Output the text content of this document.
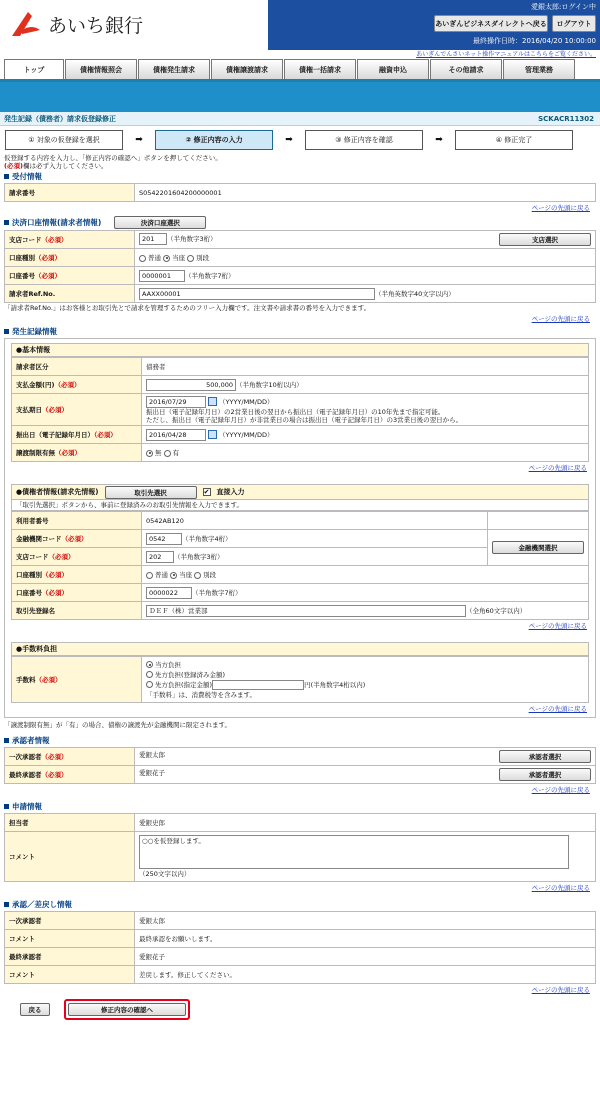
あいち銀行
愛銀太郎:ログイン中
あいぎんビジネスダイレクトへ戻る	ログアウト
最終操作日時：2016/04/20 10:00:00
あいぎんでんさいネット操作マニュアルはこちらをご覧ください。
トップ	債権情報照会	債権発生請求	債権譲渡請求	債権一括請求	融資申込	その他請求	管理業務
発生記録（債務者）請求仮登録修正	SCKACR11302
① 対象の仮登録を選択	➡	② 修正内容の入力	➡	③ 修正内容を確認	➡	④ 修正完了
仮登録する内容を入力し、「修正内容の確認へ」ボタンを押してください。
(必須)欄は必ず入力してください。
受付情報
請求番号	S0542201604200000001
ページの先頭に戻る
決済口座情報(請求者情報)	決済口座選択
支店コード（必須）	201 （半角数字3桁） 支店選択

口座種別（必須）	普通 当座 別段
口座番号（必須）	0000001 （半角数字7桁）
請求者Ref.No.	AAXX00001 （半角英数字40文字以内）
「請求者Ref.No.」はお客様とお取引先とで請求を管理するためのフリー入力欄です。注文書や請求書の番号を入力できます。
ページの先頭に戻る
発生記録情報
●基本情報
請求者区分	債務者
支払金額(円)（必須）	500,000 （半角数字10桁以内）
支払期日（必須）	2016/07/29 （YYYY/MM/DD）
振出日（電子記録年月日）の2営業日後の翌日から振出日（電子記録年月日）の10年先まで指定可能。
ただし、振出日（電子記録年月日）が非営業日の場合は振出日（電子記録年月日）の3営業日後の翌日から。
振出日（電子記録年月日）（必須）	2016/04/28 （YYYY/MM/DD）
譲渡制限有無（必須）	無 有
ページの先頭に戻る
●債権者情報(請求先情報)	取引先選択	✔ 直接入力
「取引先選択」ボタンから、事前に登録済みのお取引先情報を入力できます。
利用者番号	0542AB120	
金融機関コード（必須）	0542 （半角数字4桁）	金融機関選択
支店コード（必須）	202 （半角数字3桁）	
口座種別（必須）	普通 当座 別段	
口座番号（必須）	0000022 （半角数字7桁）	
取引先登録名	ＤＥＦ（株）営業部 （全角60文字以内）	
ページの先頭に戻る
●手数料負担
手数料（必須）	当方負担
先方負担(登録済み金額)
先方負担(指定金額)	円(半角数字4桁以内)
「手数料」は、消費税等を含みます。
ページの先頭に戻る
「譲渡制限有無」が「有」の場合、債権の譲渡先が金融機関に限定されます。
承認者情報
一次承認者（必須）	愛銀太郎 承認者選択

最終承認者（必須）	愛銀花子 承認者選択
ページの先頭に戻る
申請情報
担当者	愛銀史郎
コメント	○○を仮登録します。
（250文字以内）
ページの先頭に戻る
承認／差戻し情報
一次承認者	愛銀太郎
コメント	最終承認をお願いします。
最終承認者	愛銀花子
コメント	差戻します。修正してください。
ページの先頭に戻る
戻る	修正内容の確認へ
